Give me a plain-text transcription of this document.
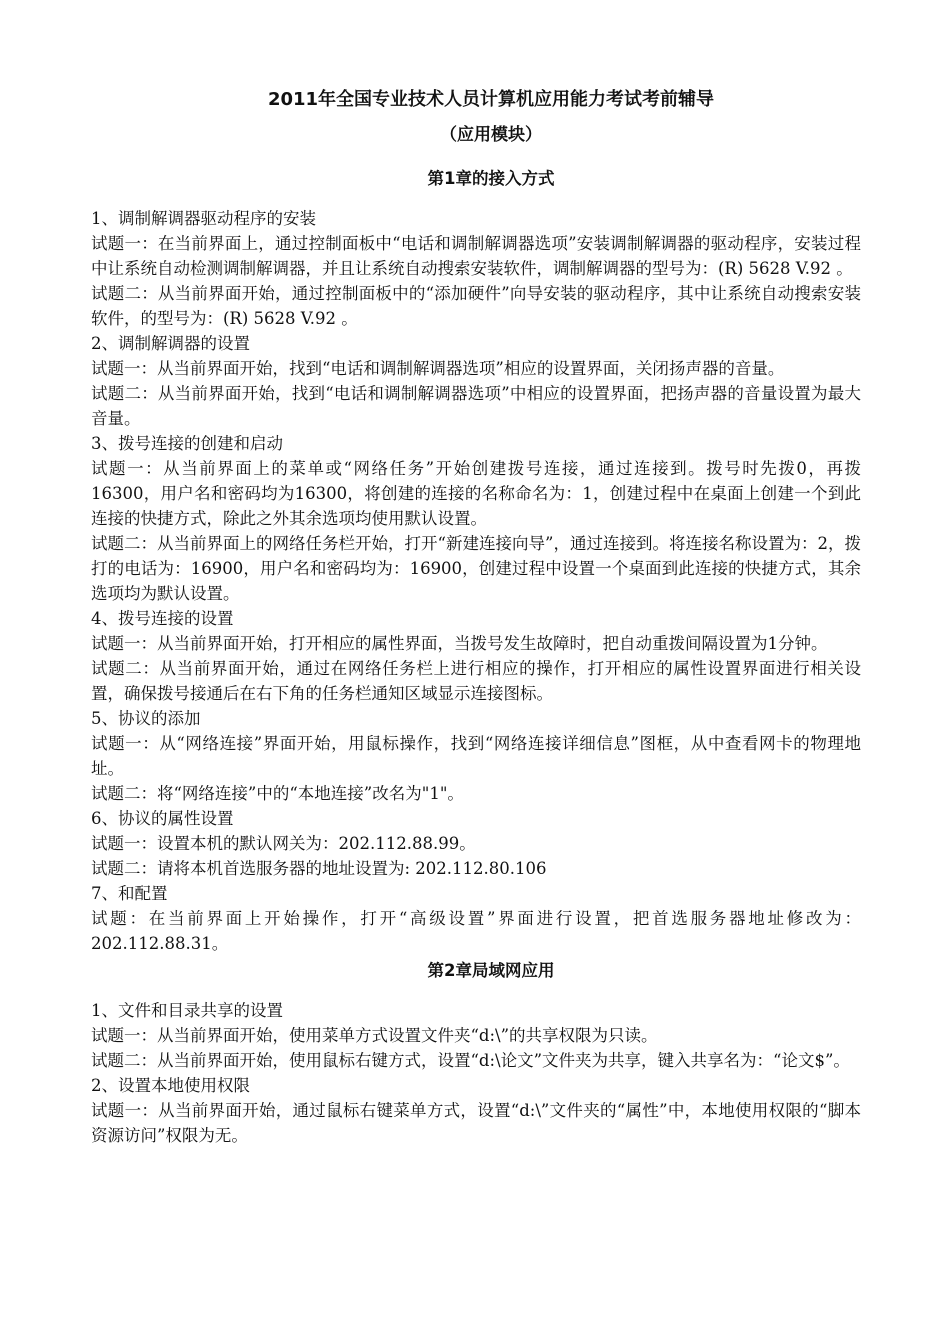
2011年全国专业技术人员计算机应用能力考试考前辅导
（应用模块）
第1章的接入方式

1、调制解调器驱动程序的安装

试题一：在当前界面上，通过控制面板中“电话和调制解调器选项”安装调制解调器的驱动程序，安装过程中让系统自动检测调制解调器，并且让系统自动搜索安装软件，调制解调器的型号为：(R) 5628 V.92 。

试题二：从当前界面开始，通过控制面板中的“添加硬件”向导安装的驱动程序，其中让系统自动搜索安装软件，的型号为：(R) 5628 V.92 。

2、调制解调器的设置

试题一：从当前界面开始，找到“电话和调制解调器选项”相应的设置界面，关闭扬声器的音量。

试题二：从当前界面开始，找到“电话和调制解调器选项”中相应的设置界面，把扬声器的音量设置为最大音量。

3、拨号连接的创建和启动

试题一：从当前界面上的菜单或“网络任务”开始创建拨号连接，通过连接到。拨号时先拨0，再拨16300，用户名和密码均为16300，将创建的连接的名称命名为：1，创建过程中在桌面上创建一个到此连接的快捷方式，除此之外其余选项均使用默认设置。

试题二：从当前界面上的网络任务栏开始，打开“新建连接向导”，通过连接到。将连接名称设置为：2，拨打的电话为：16900，用户名和密码均为：16900，创建过程中设置一个桌面到此连接的快捷方式，其余选项均为默认设置。

4、拨号连接的设置

试题一：从当前界面开始，打开相应的属性界面，当拨号发生故障时，把自动重拨间隔设置为1分钟。

试题二：从当前界面开始，通过在网络任务栏上进行相应的操作，打开相应的属性设置界面进行相关设置，确保拨号接通后在右下角的任务栏通知区域显示连接图标。

5、协议的添加

试题一：从“网络连接”界面开始，用鼠标操作，找到“网络连接详细信息”图框，从中查看网卡的物理地址。

试题二：将“网络连接”中的“本地连接”改名为"1"。

6、协议的属性设置

试题一：设置本机的默认网关为：202.112.88.99。

试题二：请将本机首选服务器的地址设置为: 202.112.80.106

7、和配置

试题：在当前界面上开始操作，打开“高级设置”界面进行设置，把首选服务器地址修改为：202.112.88.31。

第2章局域网应用

1、文件和目录共享的设置

试题一：从当前界面开始，使用菜单方式设置文件夹“d:\”的共享权限为只读。

试题二：从当前界面开始，使用鼠标右键方式，设置“d:\论文”文件夹为共享，键入共享名为：“论文$”。

2、设置本地使用权限

试题一：从当前界面开始，通过鼠标右键菜单方式，设置“d:\”文件夹的“属性”中，本地使用权限的“脚本资源访问”权限为无。
